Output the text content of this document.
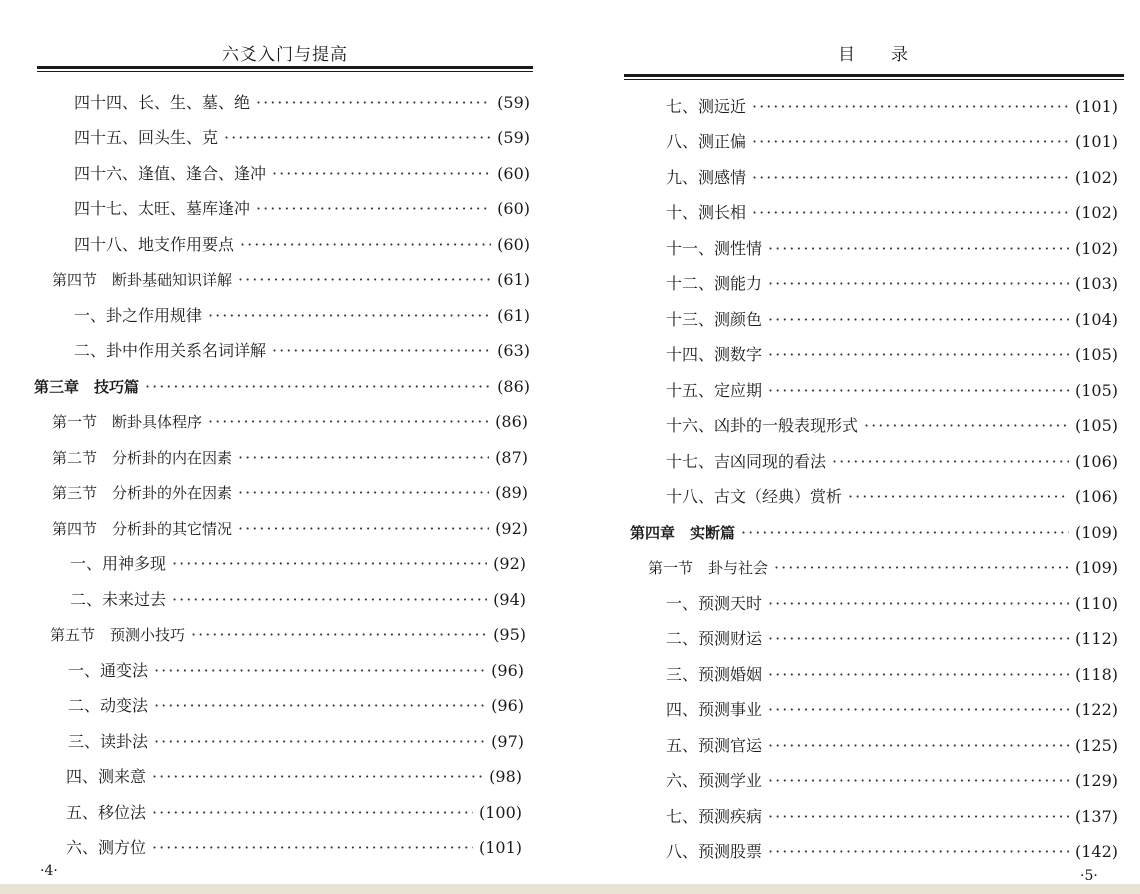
六爻入门与提高
四十四、长、生、墓、绝 ·····	(59)
四十五、回头生、克 ·····	(59)
四十六、逢值、逢合、逢冲 ·····	(60)
四十七、太旺、墓库逢冲 ·····	(60)
四十八、地支作用要点 ·····	(60)
第四节　断卦基础知识详解 ·····	(61)
一、卦之作用规律 ·····	(61)
二、卦中作用关系名词详解 ·····	(63)
第三章　技巧篇 ·····	(86)
第一节　断卦具体程序 ·····	(86)
第二节　分析卦的内在因素 ·····	(87)
第三节　分析卦的外在因素 ·····	(89)
第四节　分析卦的其它情况 ·····	(92)
一、用神多现 ·····	(92)
二、未来过去 ·····	(94)
第五节　预测小技巧 ·····	(95)
一、通变法 ·····	(96)
二、动变法 ·····	(96)
三、读卦法 ·····	(97)
四、测来意 ·····	(98)
五、移位法 ·····	(100)
六、测方位 ·····	(101)
·4·
目 录
七、测远近 ·····	(101)
八、测正偏 ·····	(101)
九、测感情 ·····	(102)
十、测长相 ·····	(102)
十一、测性情 ·····	(102)
十二、测能力 ·····	(103)
十三、测颜色 ·····	(104)
十四、测数字 ·····	(105)
十五、定应期 ·····	(105)
十六、凶卦的一般表现形式 ·····	(105)
十七、吉凶同现的看法 ·····	(106)
十八、古文（经典）赏析 ·····	(106)
第四章　实断篇 ·····	(109)
第一节　卦与社会 ·····	(109)
一、预测天时 ·····	(110)
二、预测财运 ·····	(112)
三、预测婚姻 ·····	(118)
四、预测事业 ·····	(122)
五、预测官运 ·····	(125)
六、预测学业 ·····	(129)
七、预测疾病 ·····	(137)
八、预测股票 ·····	(142)
·5·
